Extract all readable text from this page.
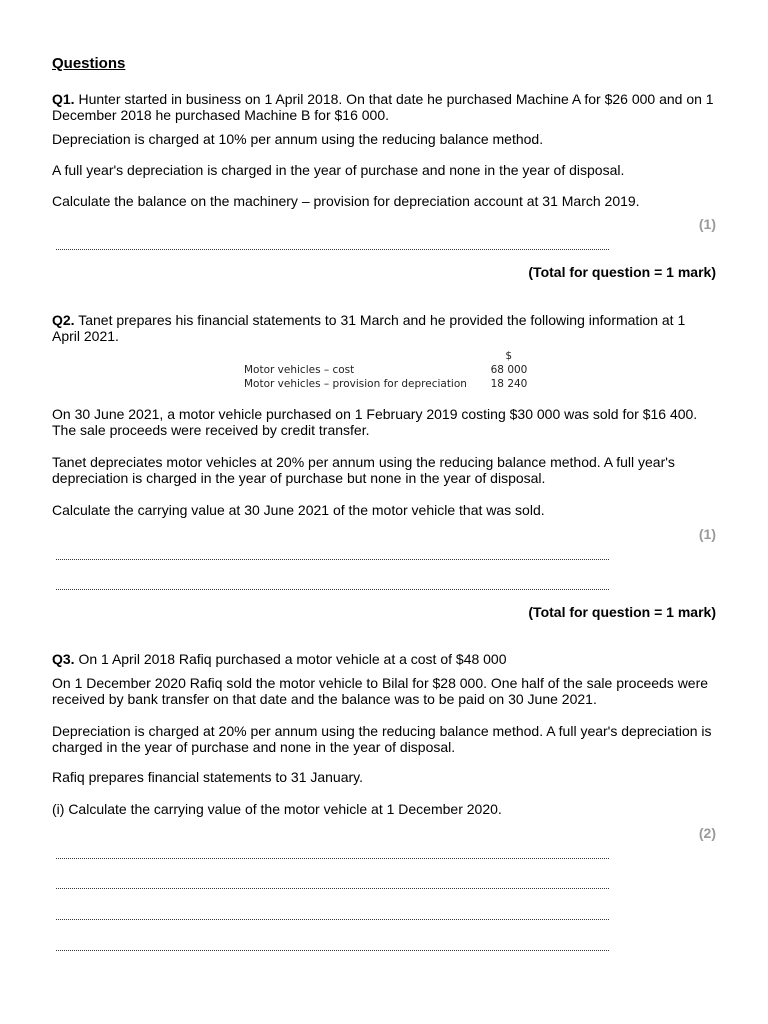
Questions

Q1. Hunter started in business on 1 April 2018. On that date he purchased Machine A for $26 000 and on 1 December 2018 he purchased Machine B for $16 000.

Depreciation is charged at 10% per annum using the reducing balance method.

A full year's depreciation is charged in the year of purchase and none in the year of disposal.

Calculate the balance on the machinery – provision for depreciation account at 31 March 2019.

(1)
(Total for question = 1 mark)

Q2. Tanet prepares his financial statements to 31 March and he provided the following information at 1 April 2021.

$
Motor vehicles – cost	68 000
Motor vehicles – provision for depreciation 18 240

On 30 June 2021, a motor vehicle purchased on 1 February 2019 costing $30 000 was sold for $16 400. The sale proceeds were received by credit transfer.

Tanet depreciates motor vehicles at 20% per annum using the reducing balance method. A full year's depreciation is charged in the year of purchase but none in the year of disposal.

Calculate the carrying value at 30 June 2021 of the motor vehicle that was sold.

(1)
(Total for question = 1 mark)

Q3. On 1 April 2018 Rafiq purchased a motor vehicle at a cost of $48 000

On 1 December 2020 Rafiq sold the motor vehicle to Bilal for $28 000. One half of the sale proceeds were received by bank transfer on that date and the balance was to be paid on 30 June 2021.

Depreciation is charged at 20% per annum using the reducing balance method. A full year's depreciation is charged in the year of purchase and none in the year of disposal.

Rafiq prepares financial statements to 31 January.

(i) Calculate the carrying value of the motor vehicle at 1 December 2020.

(2)
